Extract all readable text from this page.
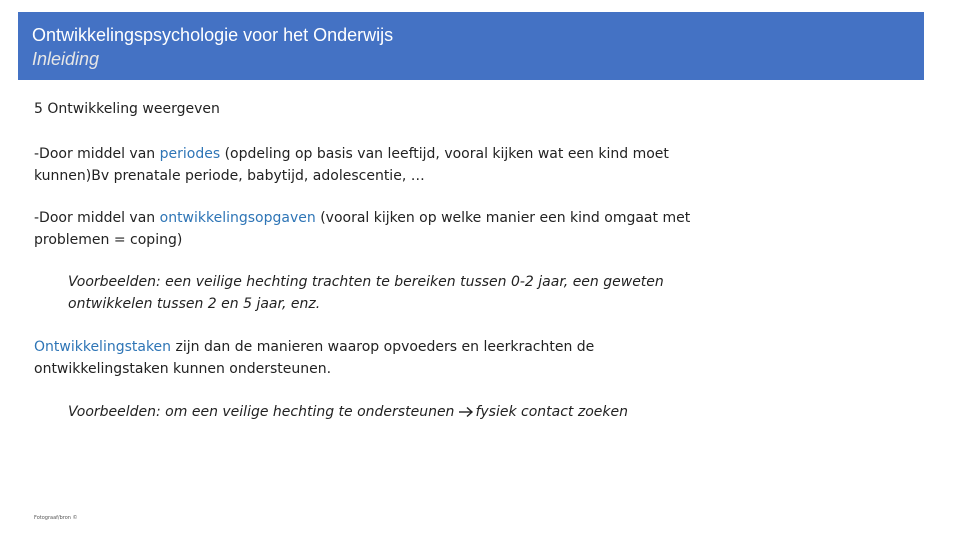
Ontwikkelingspsychologie voor het Onderwijs
Inleiding
5 Ontwikkeling weergeven
-Door middel van periodes (opdeling op basis van leeftijd, vooral kijken wat een kind moet kunnen)Bv prenatale periode, babytijd, adolescentie, …
-Door middel van ontwikkelingsopgaven (vooral kijken op welke manier een kind omgaat met problemen = coping)
Voorbeelden: een veilige hechting trachten te bereiken tussen 0-2 jaar, een geweten ontwikkelen tussen 2 en 5 jaar, enz.
Ontwikkelingstaken zijn dan de manieren waarop opvoeders en leerkrachten de ontwikkelingstaken kunnen ondersteunen.
Voorbeelden: om een veilige hechting te ondersteunen fysiek contact zoeken
Fotograaf/bron ©
